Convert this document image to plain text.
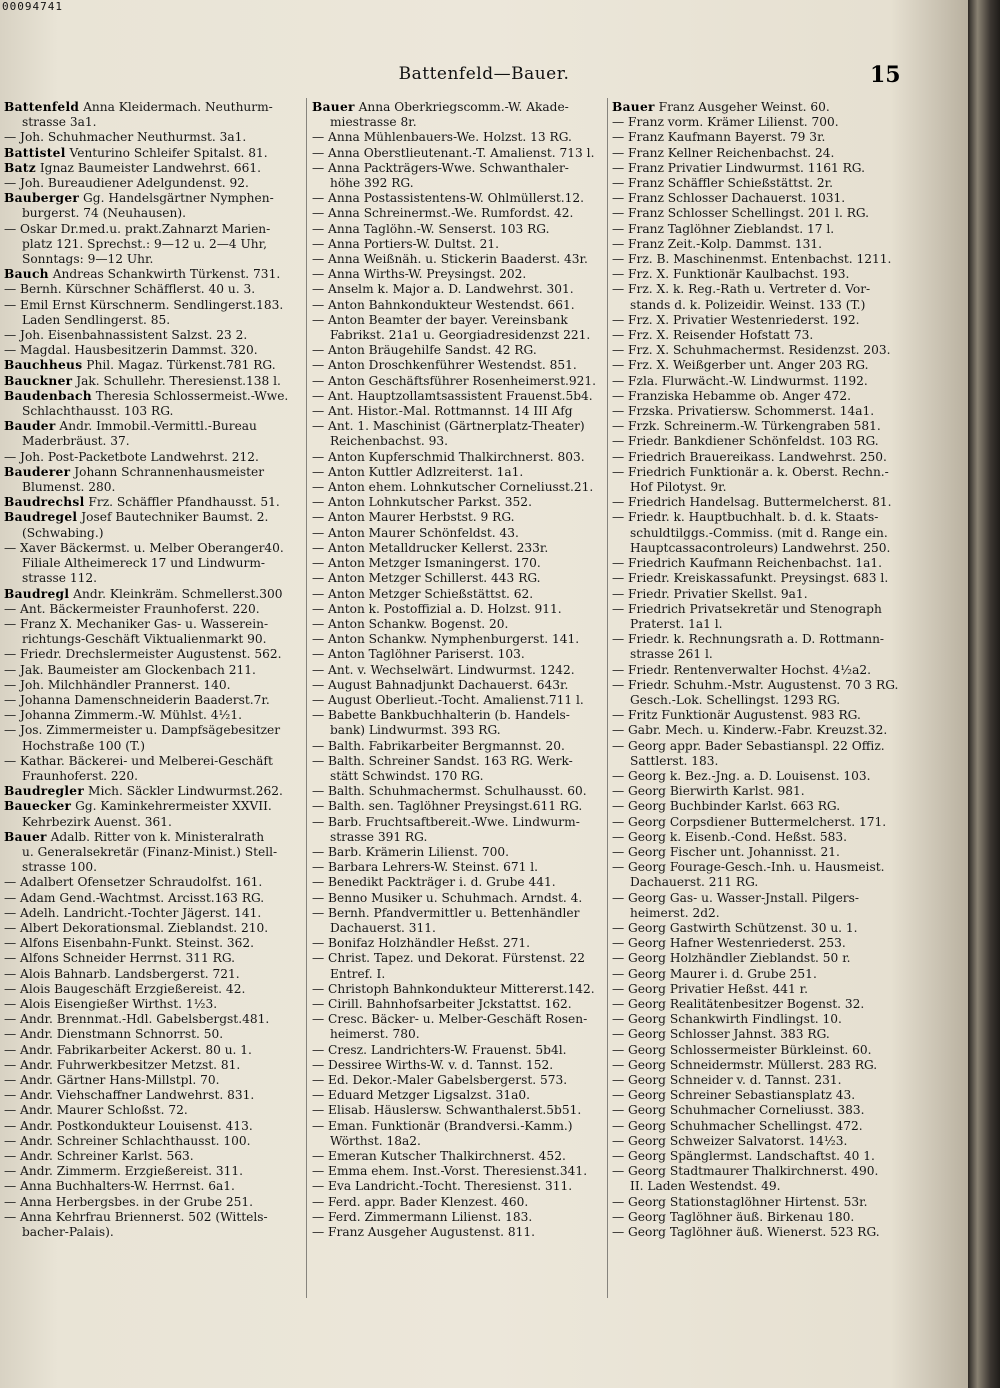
00094741
Battenfeld—Bauer.	15
Battenfeld Anna Kleidermach. Neuthurm-
strasse 3a1.
— Joh. Schuhmacher Neuthurmst. 3a1.
Battistel Venturino Schleifer Spitalst. 81.
Batz Ignaz Baumeister Landwehrst. 661.
— Joh. Bureaudiener Adelgundenst. 92.
Bauberger Gg. Handelsgärtner Nymphen-
burgerst. 74 (Neuhausen).
— Oskar Dr.med.u. prakt.Zahnarzt Marien-
platz 121. Sprechst.: 9—12 u. 2—4 Uhr,
Sonntags: 9—12 Uhr.
Bauch Andreas Schankwirth Türkenst. 731.
— Bernh. Kürschner Schäfflerst. 40 u. 3.
— Emil Ernst Kürschnerm. Sendlingerst.183.
Laden Sendlingerst. 85.
— Joh. Eisenbahnassistent Salzst. 23 2.
— Magdal. Hausbesitzerin Dammst. 320.
Bauchheus Phil. Magaz. Türkenst.781 RG.
Bauckner Jak. Schullehr. Theresienst.138 l.
Baudenbach Theresia Schlossermeist.-Wwe.
Schlachthausst. 103 RG.
Bauder Andr. Immobil.-Vermittl.-Bureau
Maderbräust. 37.
— Joh. Post-Packetbote Landwehrst. 212.
Bauderer Johann Schrannenhausmeister
Blumenst. 280.
Baudrechsl Frz. Schäffler Pfandhausst. 51.
Baudregel Josef Bautechniker Baumst. 2.
(Schwabing.)
— Xaver Bäckermst. u. Melber Oberanger40.
Filiale Altheimereck 17 und Lindwurm-
strasse 112.
Baudregl Andr. Kleinkräm. Schmellerst.300
— Ant. Bäckermeister Fraunhoferst. 220.
— Franz X. Mechaniker Gas- u. Wasserein-
richtungs-Geschäft Viktualienmarkt 90.
— Friedr. Drechslermeister Augustenst. 562.
— Jak. Baumeister am Glockenbach 211.
— Joh. Milchhändler Prannerst. 140.
— Johanna Damenschneiderin Baaderst.7r.
— Johanna Zimmerm.-W. Mühlst. 4½1.
— Jos. Zimmermeister u. Dampfsägebesitzer
Hochstraße 100 (T.)
— Kathar. Bäckerei- und Melberei-Geschäft
Fraunhoferst. 220.
Baudregler Mich. Säckler Lindwurmst.262.
Bauecker Gg. Kaminkehrermeister XXVII.
Kehrbezirk Auenst. 361.
Bauer Adalb. Ritter von k. Ministeralrath
u. Generalsekretär (Finanz-Minist.) Stell-
strasse 100.
— Adalbert Ofensetzer Schraudolfst. 161.
— Adam Gend.-Wachtmst. Arcisst.163 RG.
— Adelh. Landricht.-Tochter Jägerst. 141.
— Albert Dekorationsmal. Zieblandst. 210.
— Alfons Eisenbahn-Funkt. Steinst. 362.
— Alfons Schneider Herrnst. 311 RG.
— Alois Bahnarb. Landsbergerst. 721.
— Alois Baugeschäft Erzgießereist. 42.
— Alois Eisengießer Wirthst. 1½3.
— Andr. Brennmat.-Hdl. Gabelsbergst.481.
— Andr. Dienstmann Schnorrst. 50.
— Andr. Fabrikarbeiter Ackerst. 80 u. 1.
— Andr. Fuhrwerkbesitzer Metzst. 81.
— Andr. Gärtner Hans-Millstpl. 70.
— Andr. Viehschaffner Landwehrst. 831.
— Andr. Maurer Schloßst. 72.
— Andr. Postkondukteur Louisenst. 413.
— Andr. Schreiner Schlachthausst. 100.
— Andr. Schreiner Karlst. 563.
— Andr. Zimmerm. Erzgießereist. 311.
— Anna Buchhalters-W. Herrnst. 6a1.
— Anna Herbergsbes. in der Grube 251.
— Anna Kehrfrau Briennerst. 502 (Wittels-
bacher-Palais).
Bauer Anna Oberkriegscomm.-W. Akade-
miestrasse 8r.
— Anna Mühlenbauers-We. Holzst. 13 RG.
— Anna Oberstlieutenant.-T. Amalienst. 713 l.
— Anna Packträgers-Wwe. Schwanthaler-
höhe 392 RG.
— Anna Postassistentens-W. Ohlmüllerst.12.
— Anna Schreinermst.-We. Rumfordst. 42.
— Anna Taglöhn.-W. Senserst. 103 RG.
— Anna Portiers-W. Dultst. 21.
— Anna Weißnäh. u. Stickerin Baaderst. 43r.
— Anna Wirths-W. Preysingst. 202.
— Anselm k. Major a. D. Landwehrst. 301.
— Anton Bahnkondukteur Westendst. 661.
— Anton Beamter der bayer. Vereinsbank
Fabrikst. 21a1 u. Georgiadresidenzst 221.
— Anton Bräugehilfe Sandst. 42 RG.
— Anton Droschkenführer Westendst. 851.
— Anton Geschäftsführer Rosenheimerst.921.
— Ant. Hauptzollamtsassistent Frauenst.5b4.
— Ant. Histor.-Mal. Rottmannst. 14 III Afg
— Ant. 1. Maschinist (Gärtnerplatz-Theater)
Reichenbachst. 93.
— Anton Kupferschmid Thalkirchnerst. 803.
— Anton Kuttler Adlzreiterst. 1a1.
— Anton ehem. Lohnkutscher Corneliusst.21.
— Anton Lohnkutscher Parkst. 352.
— Anton Maurer Herbstst. 9 RG.
— Anton Maurer Schönfeldst. 43.
— Anton Metalldrucker Kellerst. 233r.
— Anton Metzger Ismaningerst. 170.
— Anton Metzger Schillerst. 443 RG.
— Anton Metzger Schießstättst. 62.
— Anton k. Postoffizial a. D. Holzst. 911.
— Anton Schankw. Bogenst. 20.
— Anton Schankw. Nymphenburgerst. 141.
— Anton Taglöhner Pariserst. 103.
— Ant. v. Wechselwärt. Lindwurmst. 1242.
— August Bahnadjunkt Dachauerst. 643r.
— August Oberlieut.-Tocht. Amalienst.711 l.
— Babette Bankbuchhalterin (b. Handels-
bank) Lindwurmst. 393 RG.
— Balth. Fabrikarbeiter Bergmannst. 20.
— Balth. Schreiner Sandst. 163 RG. Werk-
stätt Schwindst. 170 RG.
— Balth. Schuhmachermst. Schulhausst. 60.
— Balth. sen. Taglöhner Preysingst.611 RG.
— Barb. Fruchtsaftbereit.-Wwe. Lindwurm-
strasse 391 RG.
— Barb. Krämerin Lilienst. 700.
— Barbara Lehrers-W. Steinst. 671 l.
— Benedikt Packträger i. d. Grube 441.
— Benno Musiker u. Schuhmach. Arndst. 4.
— Bernh. Pfandvermittler u. Bettenhändler
Dachauerst. 311.
— Bonifaz Holzhändler Heßst. 271.
— Christ. Tapez. und Dekorat. Fürstenst. 22
Entref. I.
— Christoph Bahnkondukteur Mittererst.142.
— Cirill. Bahnhofsarbeiter Jckstattst. 162.
— Cresc. Bäcker- u. Melber-Geschäft Rosen-
heimerst. 780.
— Cresz. Landrichters-W. Frauenst. 5b4l.
— Dessiree Wirths-W. v. d. Tannst. 152.
— Ed. Dekor.-Maler Gabelsbergerst. 573.
— Eduard Metzger Ligsalzst. 31a0.
— Elisab. Häuslersw. Schwanthalerst.5b51.
— Eman. Funktionär (Brandversi.-Kamm.)
Wörthst. 18a2.
— Emeran Kutscher Thalkirchnerst. 452.
— Emma ehem. Inst.-Vorst. Theresienst.341.
— Eva Landricht.-Tocht. Theresienst. 311.
— Ferd. appr. Bader Klenzest. 460.
— Ferd. Zimmermann Lilienst. 183.
— Franz Ausgeher Augustenst. 811.
Bauer Franz Ausgeher Weinst. 60.
— Franz vorm. Krämer Lilienst. 700.
— Franz Kaufmann Bayerst. 79 3r.
— Franz Kellner Reichenbachst. 24.
— Franz Privatier Lindwurmst. 1161 RG.
— Franz Schäffler Schießstättst. 2r.
— Franz Schlosser Dachauerst. 1031.
— Franz Schlosser Schellingst. 201 l. RG.
— Franz Taglöhner Zieblandst. 17 l.
— Franz Zeit.-Kolp. Dammst. 131.
— Frz. B. Maschinenmst. Entenbachst. 1211.
— Frz. X. Funktionär Kaulbachst. 193.
— Frz. X. k. Reg.-Rath u. Vertreter d. Vor-
stands d. k. Polizeidir. Weinst. 133 (T.)
— Frz. X. Privatier Westenriederst. 192.
— Frz. X. Reisender Hofstatt 73.
— Frz. X. Schuhmachermst. Residenzst. 203.
— Frz. X. Weißgerber unt. Anger 203 RG.
— Fzla. Flurwächt.-W. Lindwurmst. 1192.
— Franziska Hebamme ob. Anger 472.
— Frzska. Privatiersw. Schommerst. 14a1.
— Frzk. Schreinerm.-W. Türkengraben 581.
— Friedr. Bankdiener Schönfeldst. 103 RG.
— Friedrich Brauereikass. Landwehrst. 250.
— Friedrich Funktionär a. k. Oberst. Rechn.-
Hof Pilotyst. 9r.
— Friedrich Handelsag. Buttermelcherst. 81.
— Friedr. k. Hauptbuchhalt. b. d. k. Staats-
schuldtilggs.-Commiss. (mit d. Range ein.
Hauptcassacontroleurs) Landwehrst. 250.
— Friedrich Kaufmann Reichenbachst. 1a1.
— Friedr. Kreiskassafunkt. Preysingst. 683 l.
— Friedr. Privatier Skellst. 9a1.
— Friedrich Privatsekretär und Stenograph
Praterst. 1a1 l.
— Friedr. k. Rechnungsrath a. D. Rottmann-
strasse 261 l.
— Friedr. Rentenverwalter Hochst. 4½a2.
— Friedr. Schuhm.-Mstr. Augustenst. 70 3 RG.
Gesch.-Lok. Schellingst. 1293 RG.
— Fritz Funktionär Augustenst. 983 RG.
— Gabr. Mech. u. Kinderw.-Fabr. Kreuzst.32.
— Georg appr. Bader Sebastianspl. 22 Offiz.
Sattlerst. 183.
— Georg k. Bez.-Jng. a. D. Louisenst. 103.
— Georg Bierwirth Karlst. 981.
— Georg Buchbinder Karlst. 663 RG.
— Georg Corpsdiener Buttermelcherst. 171.
— Georg k. Eisenb.-Cond. Heßst. 583.
— Georg Fischer unt. Johannisst. 21.
— Georg Fourage-Gesch.-Inh. u. Hausmeist.
Dachauerst. 211 RG.
— Georg Gas- u. Wasser-Jnstall. Pilgers-
heimerst. 2d2.
— Georg Gastwirth Schützenst. 30 u. 1.
— Georg Hafner Westenriederst. 253.
— Georg Holzhändler Zieblandst. 50 r.
— Georg Maurer i. d. Grube 251.
— Georg Privatier Heßst. 441 r.
— Georg Realitätenbesitzer Bogenst. 32.
— Georg Schankwirth Findlingst. 10.
— Georg Schlosser Jahnst. 383 RG.
— Georg Schlossermeister Bürkleinst. 60.
— Georg Schneidermstr. Müllerst. 283 RG.
— Georg Schneider v. d. Tannst. 231.
— Georg Schreiner Sebastiansplatz 43.
— Georg Schuhmacher Corneliusst. 383.
— Georg Schuhmacher Schellingst. 472.
— Georg Schweizer Salvatorst. 14½3.
— Georg Spänglermst. Landschaftst. 40 1.
— Georg Stadtmaurer Thalkirchnerst. 490.
II. Laden Westendst. 49.
— Georg Stationstaglöhner Hirtenst. 53r.
— Georg Taglöhner äuß. Birkenau 180.
— Georg Taglöhner äuß. Wienerst. 523 RG.
